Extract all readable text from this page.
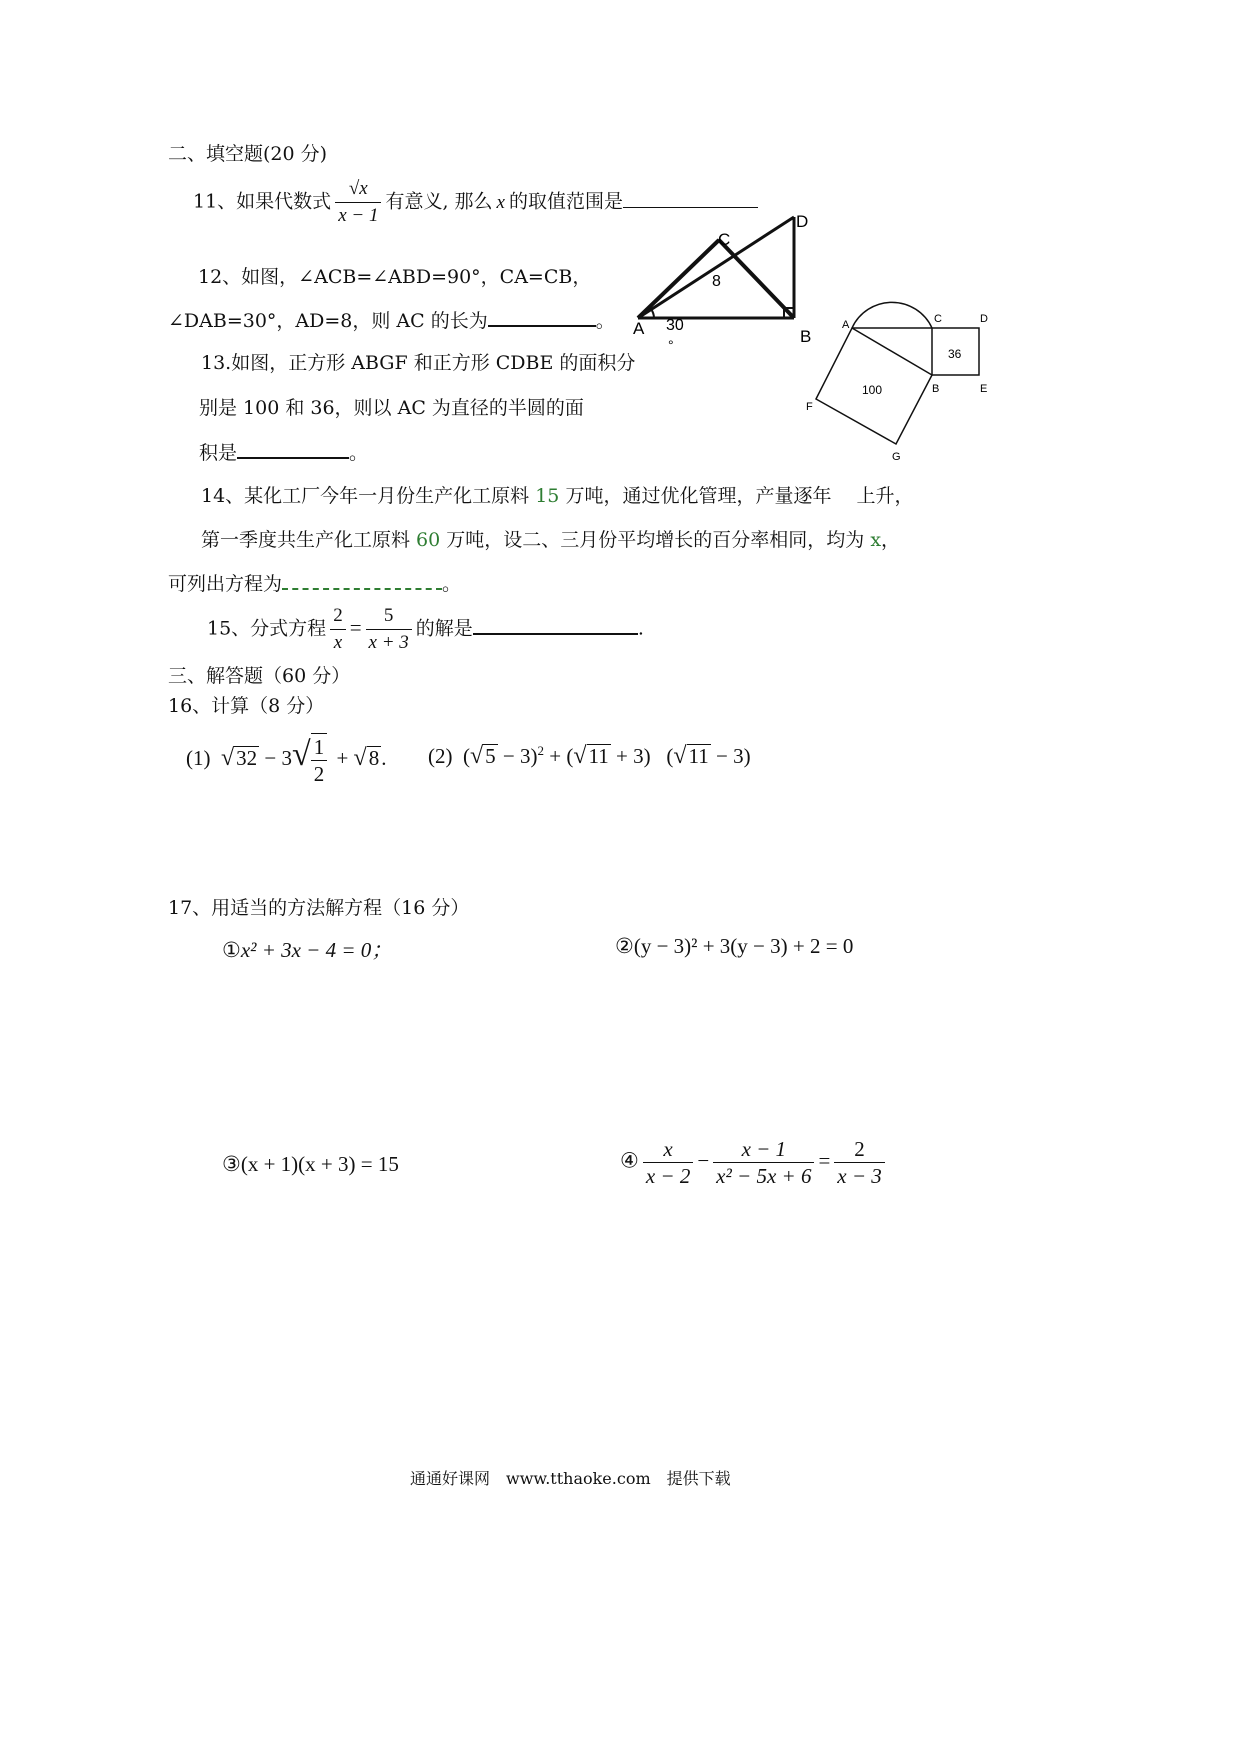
二、填空题(20 分)
11、如果代数式 $\frac{√x}{x - 1}$ 有意义, 那么 x 的取值范围是
A	B
C
D
8
30
°
12、如图，∠ACB=∠ABD=90°，CA=CB，
∠DAB=30°，AD=8，则 AC 的长为	。	A	C	D
B	E
F
G
36
100
13.如图，正方形 ABGF 和正方形 CDBE 的面积分
别是 100 和 36，则以 AC 为直径的半圆的面
积是	。
14、某化工厂今年一月份生产化工原料 15 万吨，通过优化管理，产量逐年　 上升，
第一季度共生产化工原料 60 万吨，设二、三月份平均增长的百分率相同，均为 x，
可列出方程为	。
15、分式方程 $\frac{2}{x} = \frac{5}{x + 3}$ 的解是	.
三、解答题（60 分）
16、计算（8 分）
(1) $√32 - 3√ \frac{1}{2} + √8$. (2) $(√5 - 3)^2 + (√11 + 3)$ (√11 − 3)
17、用适当的方法解方程（16 分）
①x² + 3x − 4 = 0；	②(y − 3)² + 3(y − 3) + 2 = 0
③(x + 1)(x + 3) = 15	④ $\frac{x}{x - 2} - \frac{x - 1}{\text{x² − 5x + 6}} = \frac{2}{x - 3}$
通通好课网　www.tthaoke.com　提供下载
